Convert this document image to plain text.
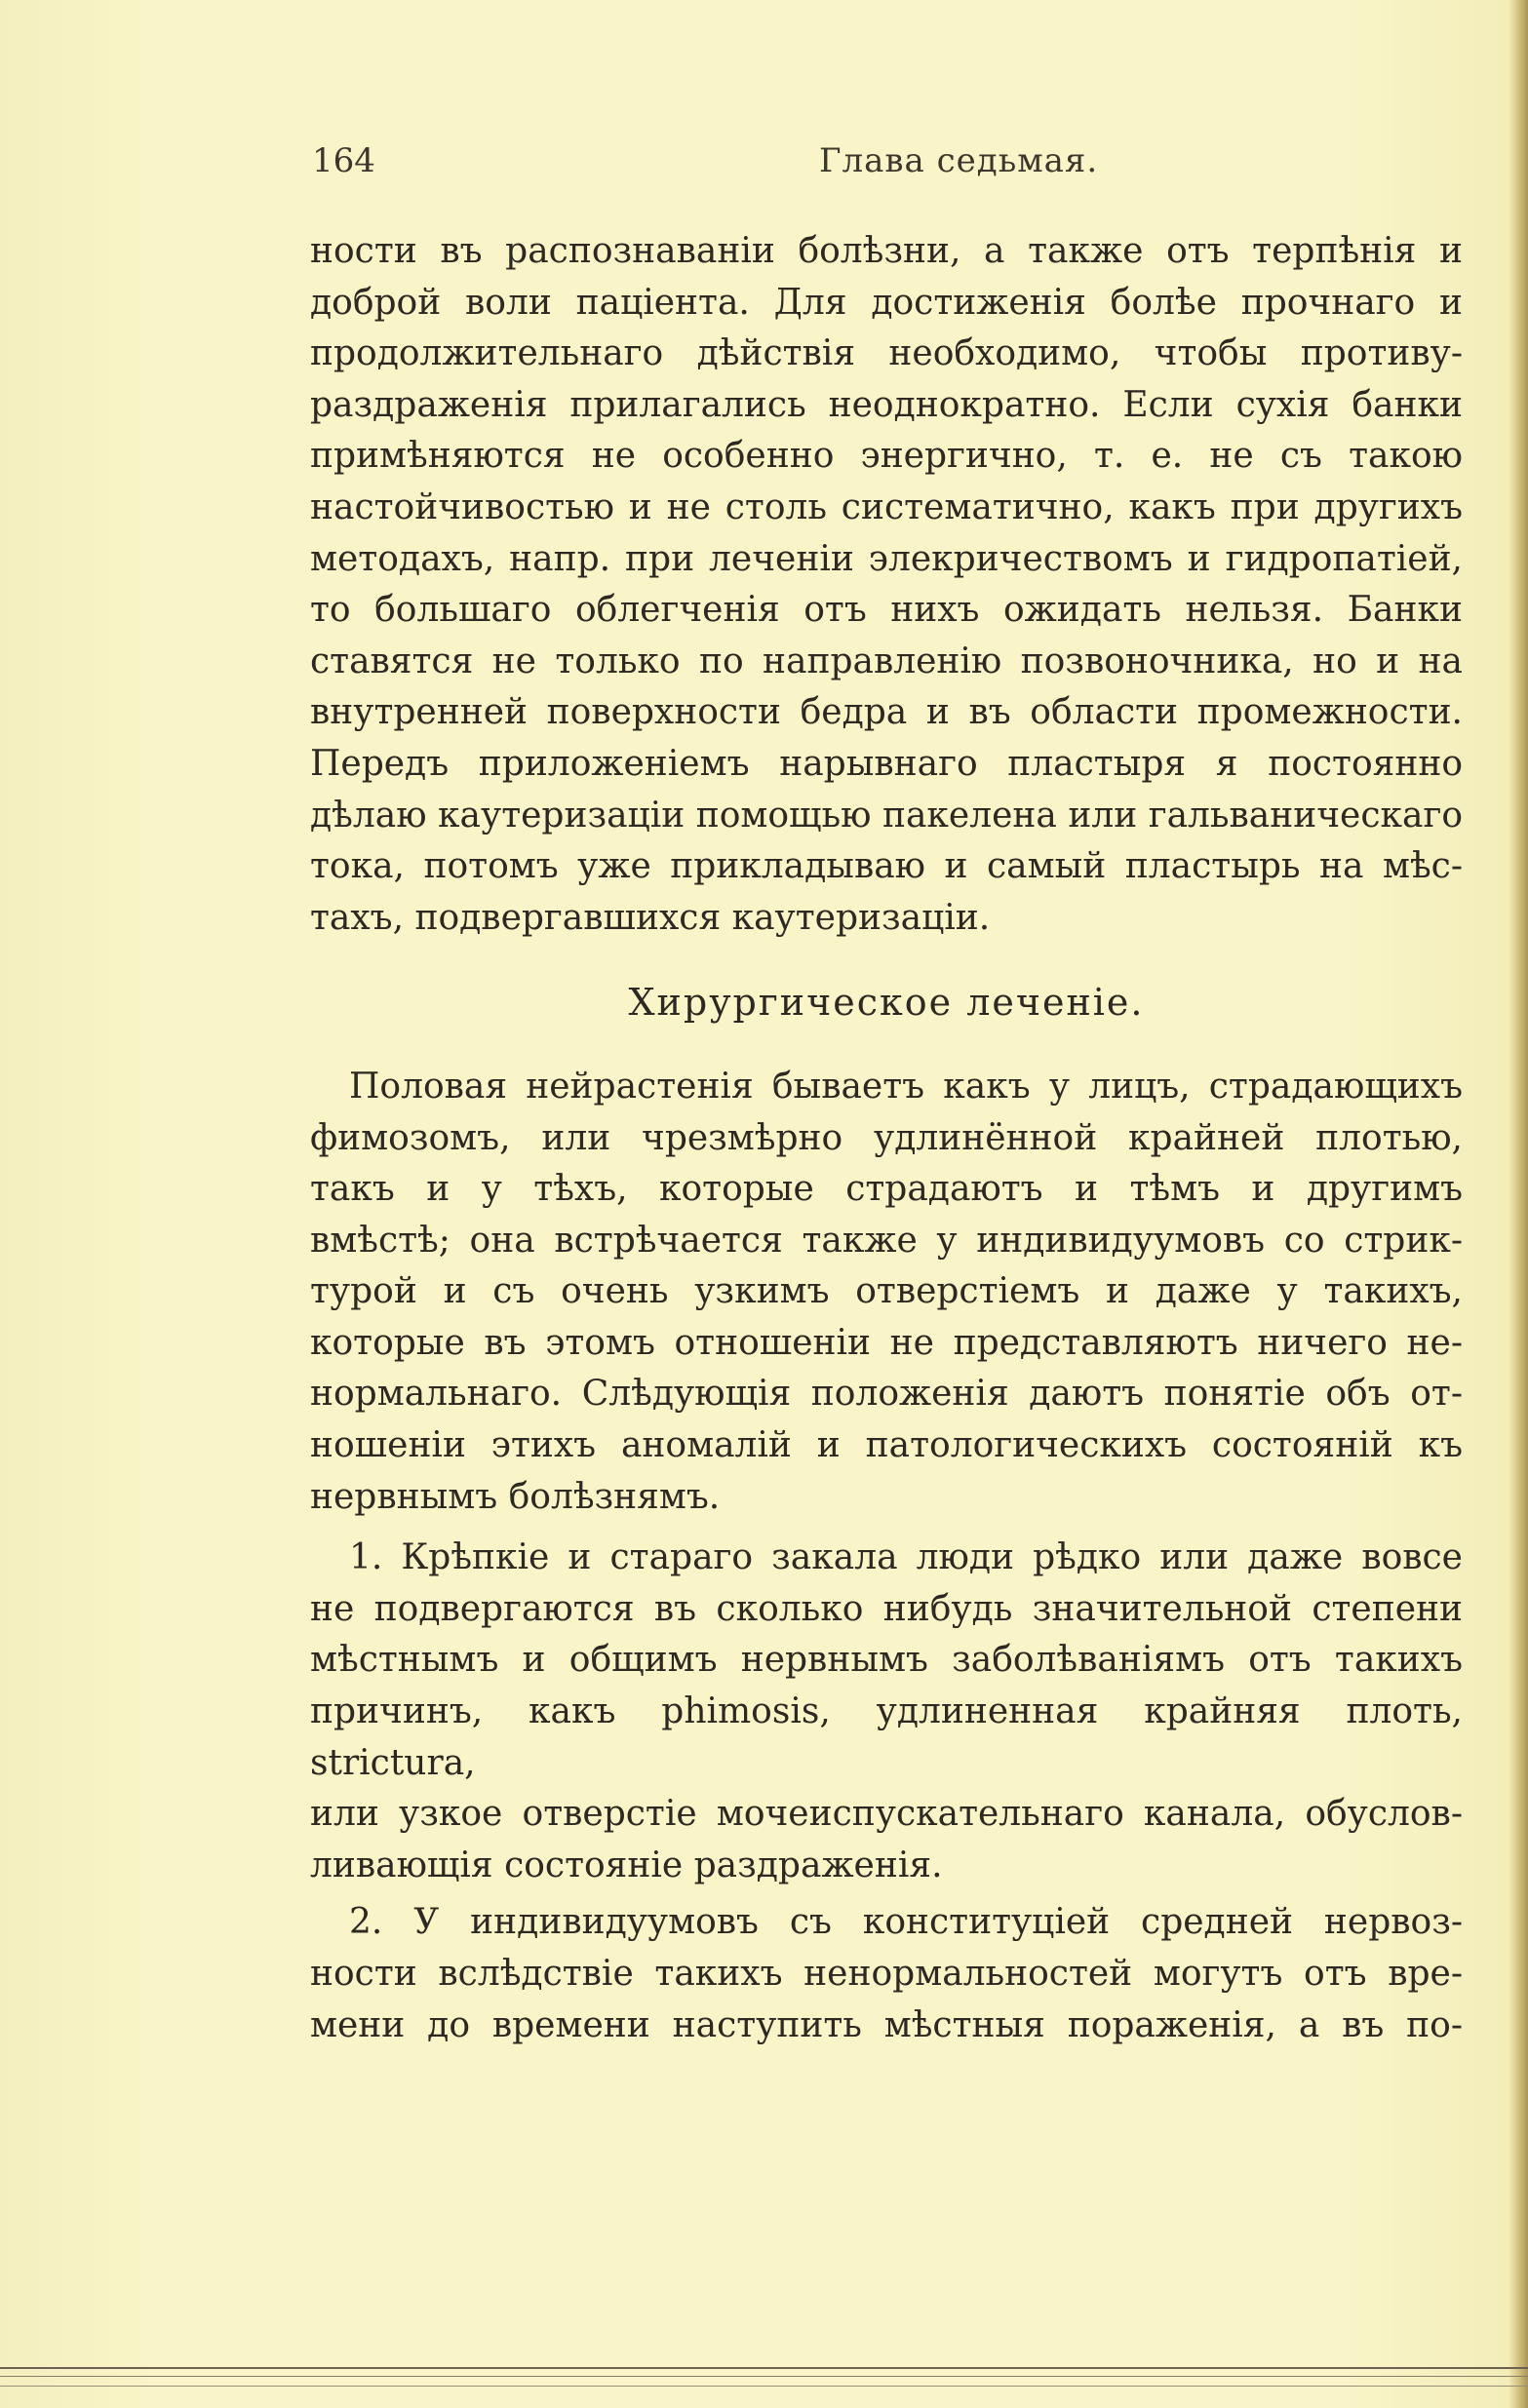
164	Глава седьмая.

ности въ распознаваніи болѣзни, а также отъ терпѣнія и

доброй воли паціента. Для достиженія болѣе прочнаго и

продолжительнаго дѣйствія необходимо, чтобы противу-

раздраженія прилагались неоднократно. Если сухія банки

примѣняются не особенно энергично, т. е. не съ такою

настойчивостью и не столь систематично, какъ при другихъ

методахъ, напр. при леченіи элекричествомъ и гидропатіей,

то большаго облегченія отъ нихъ ожидать нельзя. Банки

ставятся не только по направленію позвоночника, но и на

внутренней поверхности бедра и въ области промежности.

Передъ приложеніемъ нарывнаго пластыря я постоянно

дѣлаю каутеризаціи помощью пакелена или гальваническаго

тока, потомъ уже прикладываю и самый пластырь на мѣс-

тахъ, подвергавшихся каутеризаціи.

Хирургическое леченіе.

Половая нейрастенія бываетъ какъ у лицъ, страдающихъ

фимозомъ, или чрезмѣрно удлинённой крайней плотью,

такъ и у тѣхъ, которые страдаютъ и тѣмъ и другимъ

вмѣстѣ; она встрѣчается также у индивидуумовъ со стрик-

турой и съ очень узкимъ отверстіемъ и даже у такихъ,

которые въ этомъ отношеніи не представляютъ ничего не-

нормальнаго. Слѣдующія положенія даютъ понятіе объ от-

ношеніи этихъ аномалій и патологическихъ состояній къ

нервнымъ болѣзнямъ.

1. Крѣпкіе и стараго закала люди рѣдко или даже вовсе

не подвергаются въ сколько нибудь значительной степени

мѣстнымъ и общимъ нервнымъ заболѣваніямъ отъ такихъ

причинъ, какъ phimosis, удлиненная крайняя плоть, strictura,

или узкое отверстіе мочеиспускательнаго канала, обуслов-

ливающія состояніе раздраженія.

2. У индивидуумовъ съ конституціей средней нервоз-

ности вслѣдствіе такихъ ненормальностей могутъ отъ вре-

мени до времени наступить мѣстныя пораженія, а въ по-
